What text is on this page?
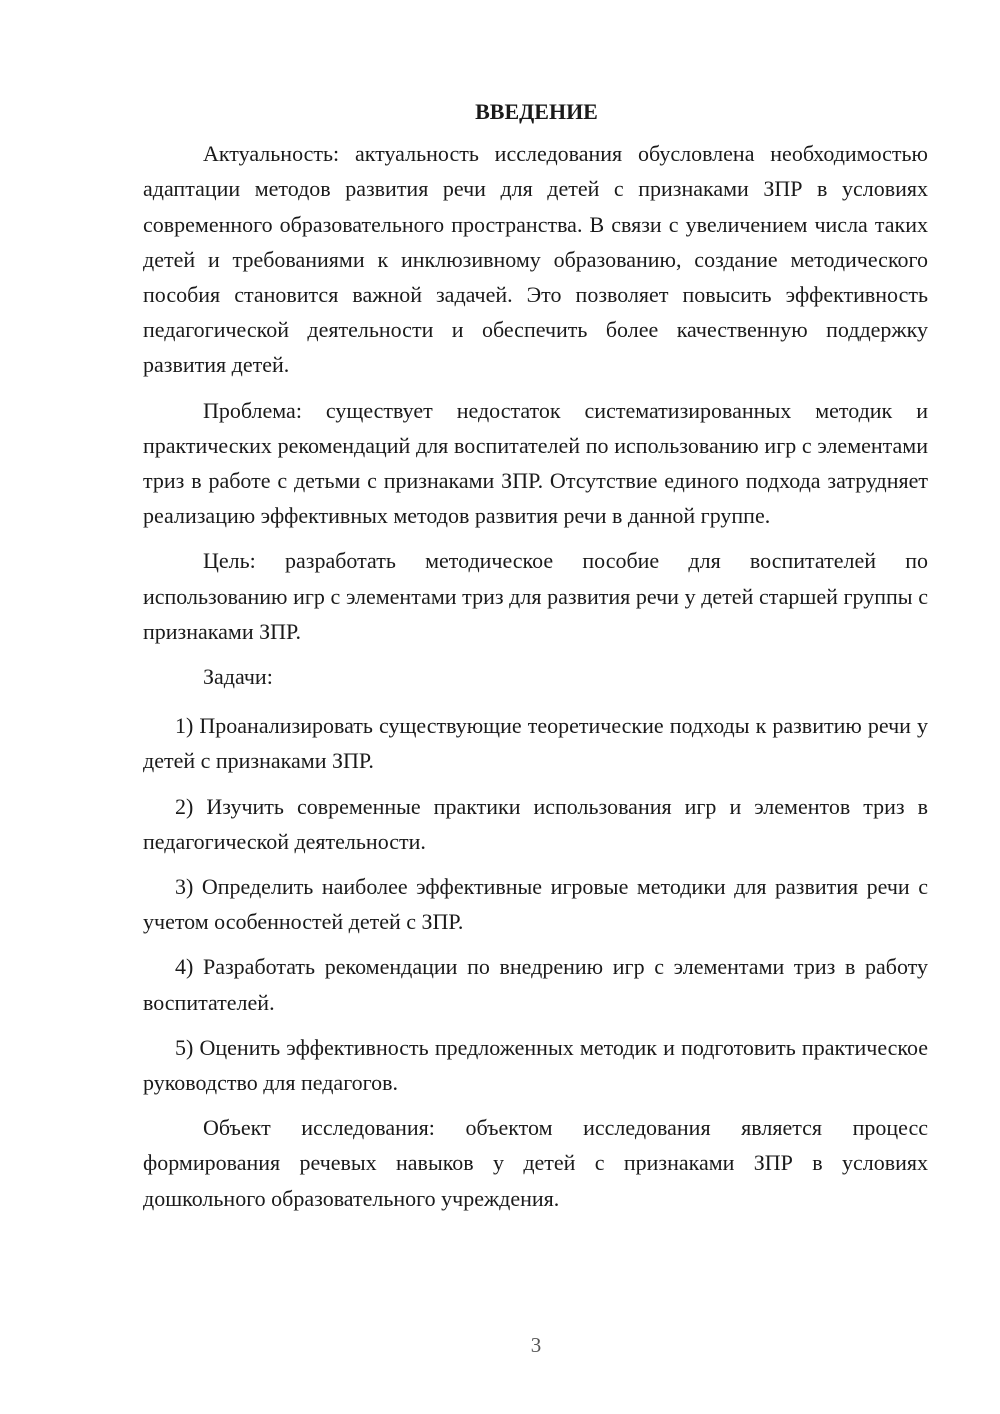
ВВЕДЕНИЕ

Актуальность: актуальность исследования обусловлена необходимостью адаптации методов развития речи для детей с признаками ЗПР в условиях современного образовательного пространства. В связи с увеличением числа таких детей и требованиями к инклюзивному образованию, создание методического пособия становится важной задачей. Это позволяет повысить эффективность педагогической деятельности и обеспечить более качественную поддержку развития детей.

Проблема: существует недостаток систематизированных методик и практических рекомендаций для воспитателей по использованию игр с элементами триз в работе с детьми с признаками ЗПР. Отсутствие единого подхода затрудняет реализацию эффективных методов развития речи в данной группе.

Цель: разработать методическое пособие для воспитателей по использованию игр с элементами триз для развития речи у детей старшей группы с признаками ЗПР.

Задачи:

1) Проанализировать существующие теоретические подходы к развитию речи у детей с признаками ЗПР.

2) Изучить современные практики использования игр и элементов триз в педагогической деятельности.

3) Определить наиболее эффективные игровые методики для развития речи с учетом особенностей детей с ЗПР.

4) Разработать рекомендации по внедрению игр с элементами триз в работу воспитателей.

5) Оценить эффективность предложенных методик и подготовить практическое руководство для педагогов.

Объект исследования: объектом исследования является процесс формирования речевых навыков у детей с признаками ЗПР в условиях дошкольного образовательного учреждения.

3
